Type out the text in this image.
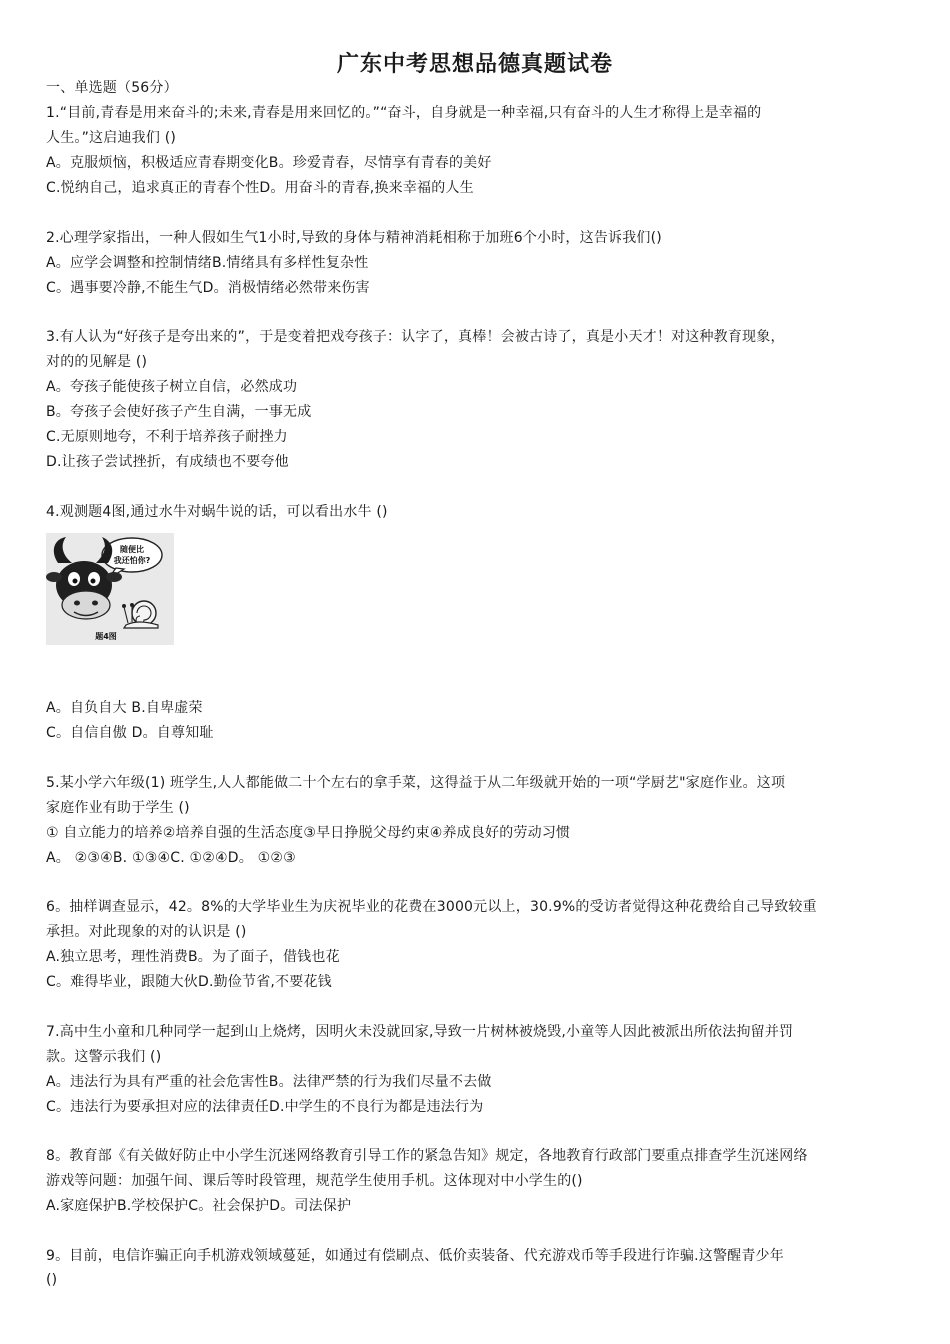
广东中考思想品德真题试卷
一、单选题（56分）
1.“目前,青春是用来奋斗的;未来,青春是用来回忆的。”“奋斗，自身就是一种幸福,只有奋斗的人生才称得上是幸福的
人生。”这启迪我们 ()
A。克服烦恼，积极适应青春期变化B。珍爱青春，尽情享有青春的美好
C.悦纳自己，追求真正的青春个性D。用奋斗的青春,换来幸福的人生
2.心理学家指出，一种人假如生气1小时,导致的身体与精神消耗相称于加班6个小时，这告诉我们()
A。应学会调整和控制情绪B.情绪具有多样性复杂性
C。遇事要冷静,不能生气D。消极情绪必然带来伤害
3.有人认为“好孩子是夸出来的”，于是变着把戏夸孩子：认字了，真棒！会被古诗了，真是小天才！对这种教育现象，
对的的见解是 ()
A。夸孩子能使孩子树立自信，必然成功
B。夸孩子会使好孩子产生自满，一事无成
C.无原则地夸，不利于培养孩子耐挫力
D.让孩子尝试挫折，有成绩也不要夸他
4.观测题4图,通过水牛对蜗牛说的话，可以看出水牛 ()
随便比
我还怕你?
题4图
A。自负自大 B.自卑虚荣
C。自信自傲 D。自尊知耻
5.某小学六年级(1) 班学生,人人都能做二十个左右的拿手菜，这得益于从二年级就开始的一项“学厨艺"家庭作业。这项
家庭作业有助于学生 ()
① 自立能力的培养②培养自强的生活态度③早日挣脱父母约束④养成良好的劳动习惯
A。 ②③④B. ①③④C. ①②④D。 ①②③
6。抽样调查显示，42。8%的大学毕业生为庆祝毕业的花费在3000元以上，30.9%的受访者觉得这种花费给自己导致较重
承担。对此现象的对的认识是 ()
A.独立思考，理性消费B。为了面子，借钱也花
C。难得毕业，跟随大伙D.勤俭节省,不要花钱
7.高中生小童和几种同学一起到山上烧烤，因明火未没就回家,导致一片树林被烧毁,小童等人因此被派出所依法拘留并罚
款。这警示我们 ()
A。违法行为具有严重的社会危害性B。法律严禁的行为我们尽量不去做
C。违法行为要承担对应的法律责任D.中学生的不良行为都是违法行为
8。教育部《有关做好防止中小学生沉迷网络教育引导工作的紧急告知》规定，各地教育行政部门要重点排查学生沉迷网络
游戏等问题：加强午间、课后等时段管理，规范学生使用手机。这体现对中小学生的()
A.家庭保护B.学校保护C。社会保护D。司法保护
9。目前，电信诈骗正向手机游戏领域蔓延，如通过有偿刷点、低价卖装备、代充游戏币等手段进行诈骗.这警醒青少年
()
